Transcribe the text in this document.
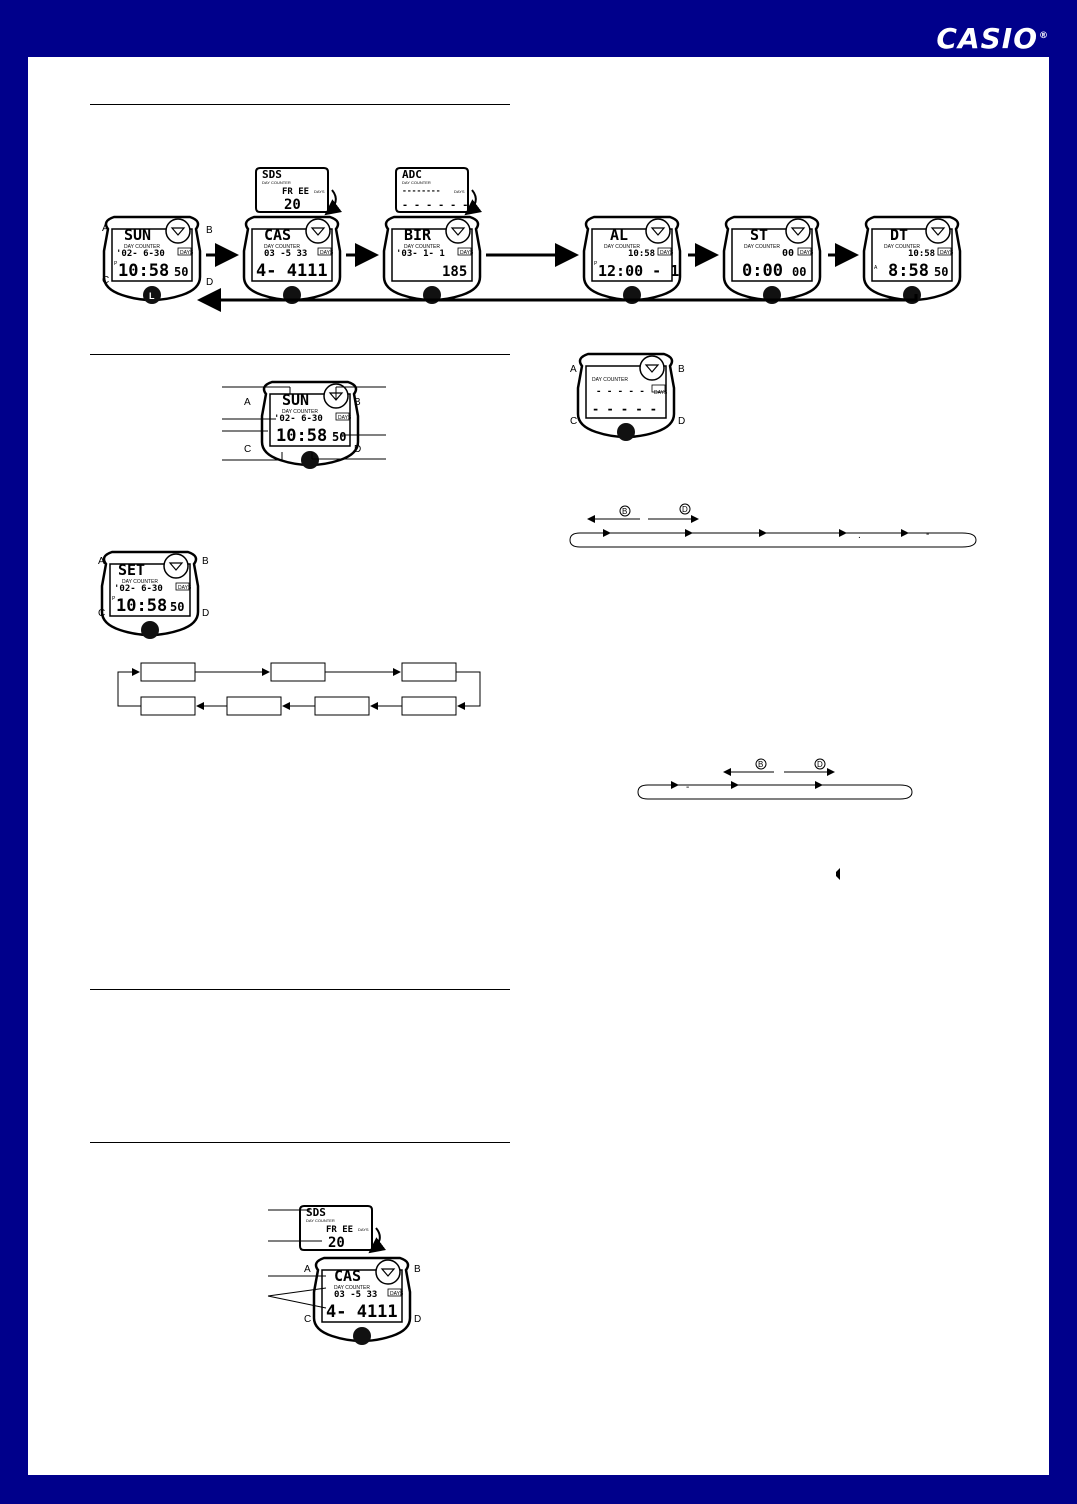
CASIO®
A	B
C	D
L
SUN
DAY COUNTER
'02- 6-30	DAYS
P 10:58 50
SDS
DAY COUNTER
FR EE DAYS
20
CAS
DAY COUNTER
03 -5 33	DAYS
4- 4111
ADC
DAY COUNTER
--------	DAYS
- - - - - -
BIR
DAY COUNTER
'03- 1- 1	DAYS
185
AL
DAY COUNTER
10:58 DAYS
P 12:00 - 1
ST
DAY COUNTER
00 DAYS
0:00 00
DT
DAY COUNTER
10:58 DAYS
A 8:58 50
SUN
DAY COUNTER
'02- 6-30	DAYS
10:58 50
A	B
C	D
A	B
C	D
SET
DAY COUNTER
'02- 6-30	DAYS
P 10:58 50
SDS
DAY COUNTER
FR EE DAYS
20
A	B
C	D
CAS
DAY COUNTER
03 -5 33	DAYS
4- 4111
A	B
C	D
DAY COUNTER
- - - - - DAYS
- - - - -
B	D
.	-
B	D
-
